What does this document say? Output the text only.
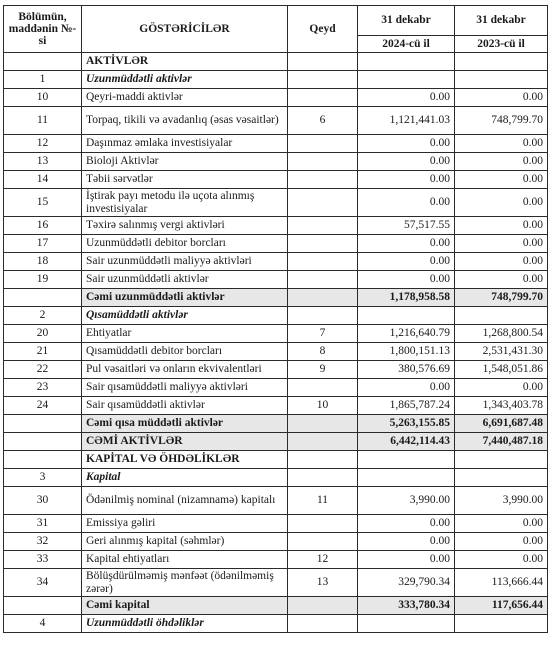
Bölümün, maddənin №-si	GÖSTƏRİCİLƏR	Qeyd	31 dekabr	31 dekabr
			2024-cü il	2023-cü il
	AKTİVLƏR			
1	Uzunmüddətli aktivlər			
10	Qeyri-maddi aktivlər		0.00	0.00
11	Torpaq, tikili və avadanlıq (əsas vəsaitlər)	6	1,121,441.03	748,799.70
12	Daşınmaz əmlaka investisiyalar		0.00	0.00
13	Bioloji Aktivlər		0.00	0.00
14	Təbii sərvətlər		0.00	0.00
15	İştirak payı metodu ilə uçota alınmış investisiyalar		0.00	0.00
16	Təxirə salınmış vergi aktivləri		57,517.55	0.00
17	Uzunmüddətli debitor borcları		0.00	0.00
18	Sair uzunmüddətli maliyyə aktivləri		0.00	0.00
19	Sair uzunmüddətli aktivlər		0.00	0.00
	Cəmi uzunmüddətli aktivlər		1,178,958.58	748,799.70
2	Qısamüddətli aktivlər			
20	Ehtiyatlar	7	1,216,640.79	1,268,800.54
21	Qısamüddətli debitor borcları	8	1,800,151.13	2,531,431.30
22	Pul vəsaitləri və onların ekvivalentləri	9	380,576.69	1,548,051.86
23	Sair qısamüddətli maliyyə aktivləri		0.00	0.00
24	Sair qısamüddətli aktivlər	10	1,865,787.24	1,343,403.78
	Cəmi qısa müddətli aktivlər		5,263,155.85	6,691,687.48
	CƏMİ AKTİVLƏR		6,442,114.43	7,440,487.18
	KAPİTAL VƏ ÖHDƏLİKLƏR			
3	Kapital			
30	Ödənilmiş nominal (nizamnamə) kapitalı	11	3,990.00	3,990.00
31	Emissiya gəliri		0.00	0.00
32	Geri alınmış kapital (səhmlər)		0.00	0.00
33	Kapital ehtiyatları	12	0.00	0.00
34	Bölüşdürülməmiş mənfəət (ödənilməmiş zərər)	13	329,790.34	113,666.44
	Cəmi kapital		333,780.34	117,656.44
4	Uzunmüddətli öhdəliklər			
